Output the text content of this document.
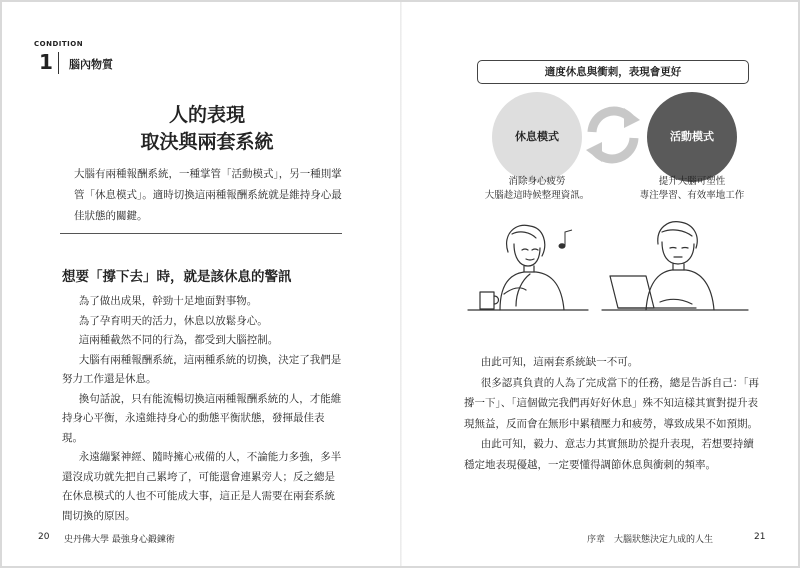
CONDITION
1 腦內物質
人的表現
取決與兩套系統

大腦有兩種報酬系統，一種掌管「活動模式」，另一種則掌管「休息模式」。適時切換這兩種報酬系統就是維持身心最佳狀態的關鍵。

想要「撐下去」時，就是該休息的警訊

為了做出成果，幹勁十足地面對事物。

為了孕育明天的活力，休息以放鬆身心。

這兩種截然不同的行為，都受到大腦控制。

大腦有兩種報酬系統，這兩種系統的切換，決定了我們是努力工作還是休息。

換句話說，只有能流暢切換這兩種報酬系統的人，才能維持身心平衡，永遠維持身心的動態平衡狀態，發揮最佳表現。

永遠繃緊神經、隨時擁心戒備的人，不論能力多強，多半還沒成功就先把自己累垮了，可能還會連累旁人；反之總是在休息模式的人也不可能成大事，這正是人需要在兩套系統間切換的原因。

20 史丹佛大學 最強身心鍛鍊術
適度休息與衝刺，表現會更好
休息模式	活動模式
消除身心疲勞
大腦趁這時候整理資訊。
提升大腦可塑性
專注學習、有效率地工作

由此可知，這兩套系統缺一不可。

很多認真負責的人為了完成當下的任務，總是告訴自己：「再撐一下」、「這個做完我們再好好休息」殊不知這樣其實對提升表現無益，反而會在無形中累積壓力和疲勞，導致成果不如預期。

由此可知，毅力、意志力其實無助於提升表現，若想要持續穩定地表現優越，一定要懂得調節休息與衝刺的頻率。

序章　大腦狀態決定九成的人生	21
